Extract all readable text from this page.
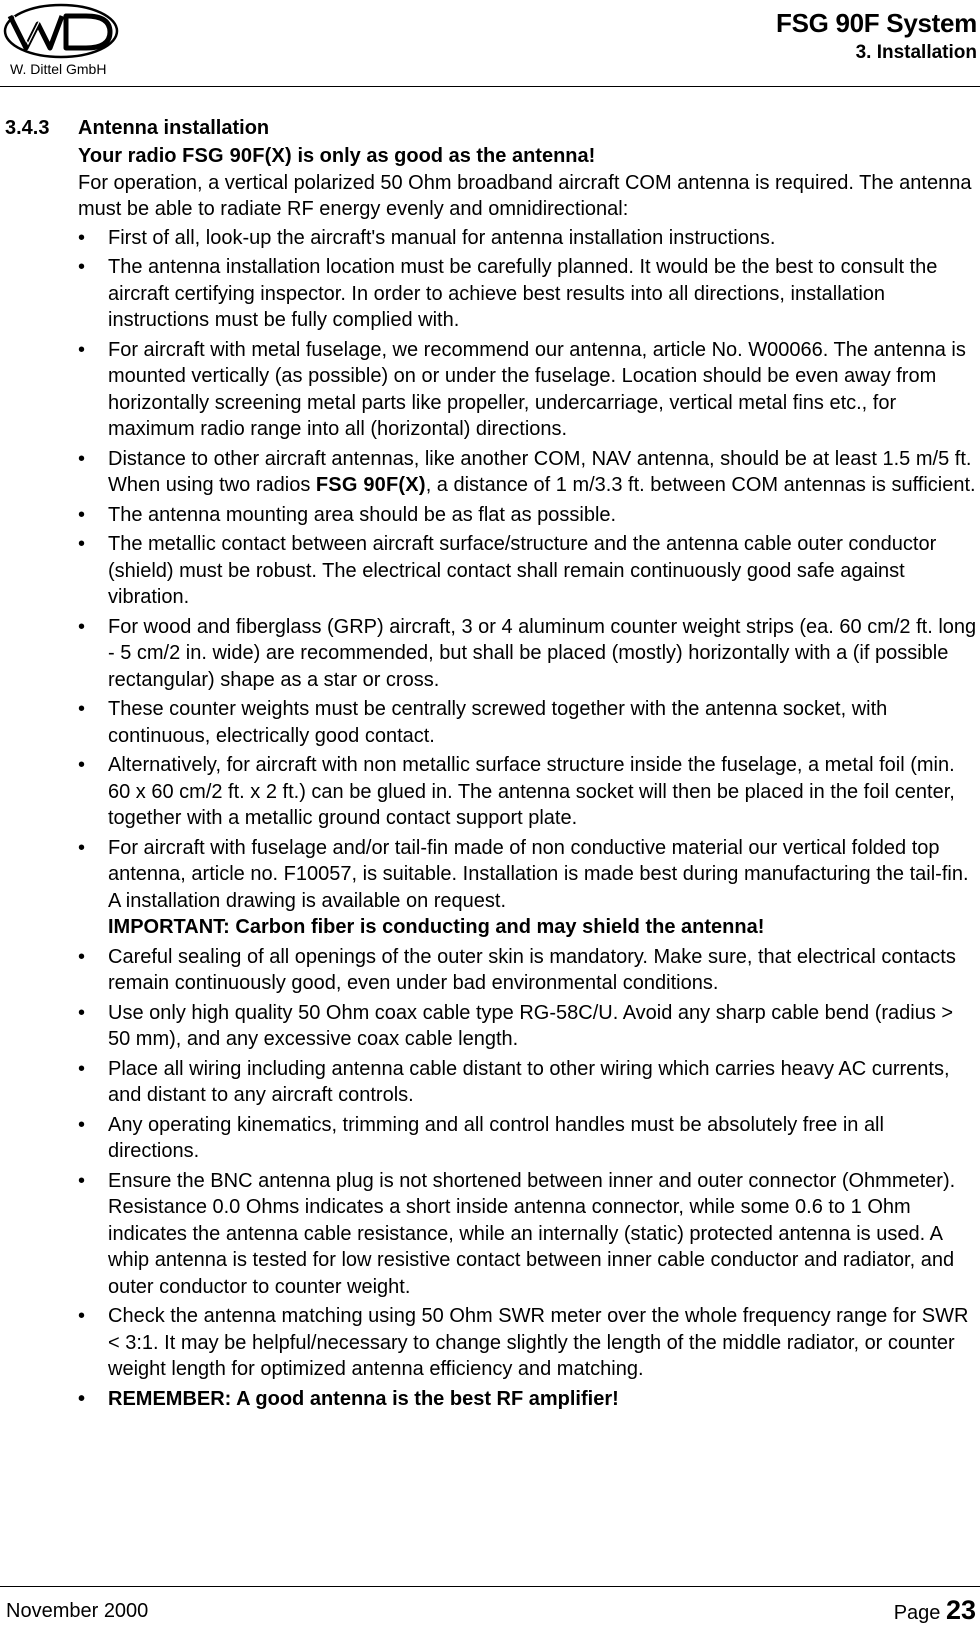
W. Dittel GmbH
FSG 90F System
3. Installation
3.4.3 Antenna installation

Your radio FSG 90F(X) is only as good as the antenna!

For operation, a vertical polarized 50 Ohm broadband aircraft COM antenna is required. The antenna must be able to radiate RF energy evenly and omnidirectional:

• First of all, look-up the aircraft's manual for antenna installation instructions.
• The antenna installation location must be carefully planned. It would be the best to consult the aircraft certifying inspector. In order to achieve best results into all directions, installation instructions must be fully complied with.
• For aircraft with metal fuselage, we recommend our antenna, article No. W00066. The antenna is mounted vertically (as possible) on or under the fuselage. Location should be even away from horizontally screening metal parts like propeller, undercarriage, vertical metal fins etc., for maximum radio range into all (horizontal) directions.
• Distance to other aircraft antennas, like another COM, NAV antenna, should be at least 1.5 m/5 ft. When using two radios FSG 90F(X), a distance of 1 m/3.3 ft. between COM antennas is sufficient.
• The antenna mounting area should be as flat as possible.
• The metallic contact between aircraft surface/structure and the antenna cable outer conductor (shield) must be robust. The electrical contact shall remain continuously good safe against vibration.
• For wood and fiberglass (GRP) aircraft, 3 or 4 aluminum counter weight strips (ea. 60 cm/2 ft. long - 5 cm/2 in. wide) are recommended, but shall be placed (mostly) horizontally with a (if possible rectangular) shape as a star or cross.
• These counter weights must be centrally screwed together with the antenna socket, with continuous, electrically good contact.
• Alternatively, for aircraft with non metallic surface structure inside the fuselage, a metal foil (min. 60 x 60 cm/2 ft. x 2 ft.) can be glued in. The antenna socket will then be placed in the foil center, together with a metallic ground contact support plate.
• For aircraft with fuselage and/or tail-fin made of non conductive material our vertical folded top antenna, article no. F10057, is suitable. Installation is made best during manufacturing the tail-fin. A installation drawing is available on request.
IMPORTANT: Carbon fiber is conducting and may shield the antenna!
• Careful sealing of all openings of the outer skin is mandatory. Make sure, that electrical contacts remain continuously good, even under bad environmental conditions.
• Use only high quality 50 Ohm coax cable type RG-58C/U. Avoid any sharp cable bend (radius > 50 mm), and any excessive coax cable length.
• Place all wiring including antenna cable distant to other wiring which carries heavy AC currents, and distant to any aircraft controls.
• Any operating kinematics, trimming and all control handles must be absolutely free in all directions.
• Ensure the BNC antenna plug is not shortened between inner and outer connector (Ohmmeter). Resistance 0.0 Ohms indicates a short inside antenna connector, while some 0.6 to 1 Ohm indicates the antenna cable resistance, while an internally (static) protected antenna is used. A whip antenna is tested for low resistive contact between inner cable conductor and radiator, and outer conductor to counter weight.
• Check the antenna matching using 50 Ohm SWR meter over the whole frequency range for SWR < 3:1. It may be helpful/necessary to change slightly the length of the middle radiator, or counter weight length for optimized antenna efficiency and matching.
• REMEMBER: A good antenna is the best RF amplifier!
November 2000	Page 23
